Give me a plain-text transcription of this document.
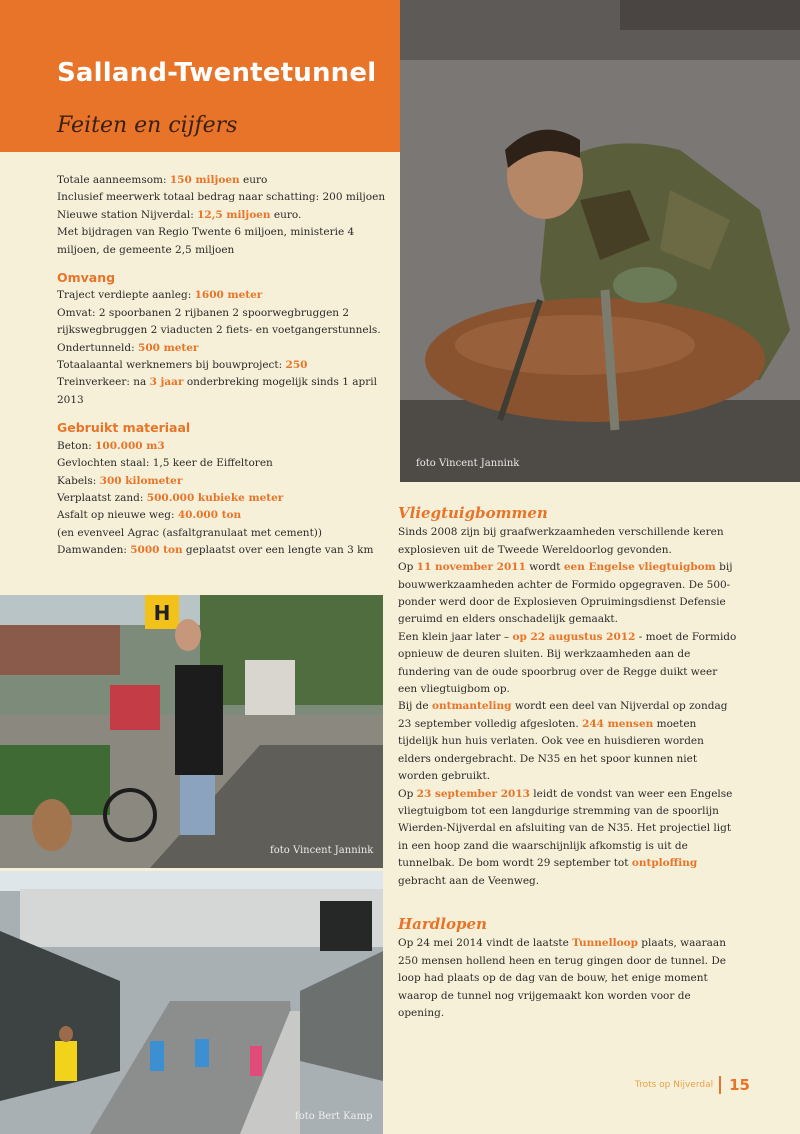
Salland-Twentetunnel
Feiten en cijfers

Totale aanneemsom: 150 miljoen euro

Inclusief meerwerk totaal bedrag naar schatting: 200 miljoen

Nieuwe station Nijverdal: 12,5 miljoen euro.

Met bijdragen van Regio Twente 6 miljoen, ministerie 4 miljoen, de gemeente 2,5 miljoen

Omvang

Traject verdiepte aanleg: 1600 meter

Omvat: 2 spoorbanen 2 rijbanen 2 spoorwegbruggen 2 rijkswegbruggen 2 viaducten 2 fiets- en voetgangerstunnels.

Ondertunneld: 500 meter

Totaalaantal werknemers bij bouwproject: 250

Treinverkeer: na 3 jaar onderbreking mogelijk sinds 1 april 2013

Gebruikt materiaal

Beton: 100.000 m3

Gevlochten staal: 1,5 keer de Eiffeltoren

Kabels: 300 kilometer

Verplaatst zand: 500.000 kubieke meter

Asfalt op nieuwe weg: 40.000 ton

(en evenveel Agrac (asfaltgranulaat met cement))

Damwanden: 5000 ton geplaatst over een lengte van 3 km

foto Vincent Jannink
H
foto Vincent Jannink
foto Bert Kamp
Vliegtuigbommen

Sinds 2008 zijn bij graafwerkzaamheden verschillende keren explosieven uit de Tweede Wereldoorlog gevonden.

Op 11 november 2011 wordt een Engelse vliegtuigbom bij bouwwerkzaamheden achter de Formido opgegraven. De 500-ponder werd door de Explosieven Opruimingsdienst Defensie geruimd en elders onschadelijk gemaakt.

Een klein jaar later – op 22 augustus 2012 - moet de Formido opnieuw de deuren sluiten. Bij werkzaamheden aan de fundering van de oude spoorbrug over de Regge duikt weer een vliegtuigbom op.

Bij de ontmanteling wordt een deel van Nijverdal op zondag 23 september volledig afgesloten. 244 mensen moeten tijdelijk hun huis verlaten. Ook vee en huisdieren worden elders ondergebracht. De N35 en het spoor kunnen niet worden gebruikt.

Op 23 september 2013 leidt de vondst van weer een Engelse vliegtuigbom tot een langdurige stremming van de spoorlijn Wierden-Nijverdal en afsluiting van de N35. Het projectiel ligt in een hoop zand die waarschijnlijk afkomstig is uit de tunnelbak. De bom wordt 29 september tot ontploffing gebracht aan de Veenweg.

Hardlopen

Op 24 mei 2014 vindt de laatste Tunnelloop plaats, waaraan 250 mensen hollend heen en terug gingen door de tunnel. De loop had plaats op de dag van de bouw, het enige moment waarop de tunnel nog vrijgemaakt kon worden voor de opening.

Trots op Nijverdal 15
